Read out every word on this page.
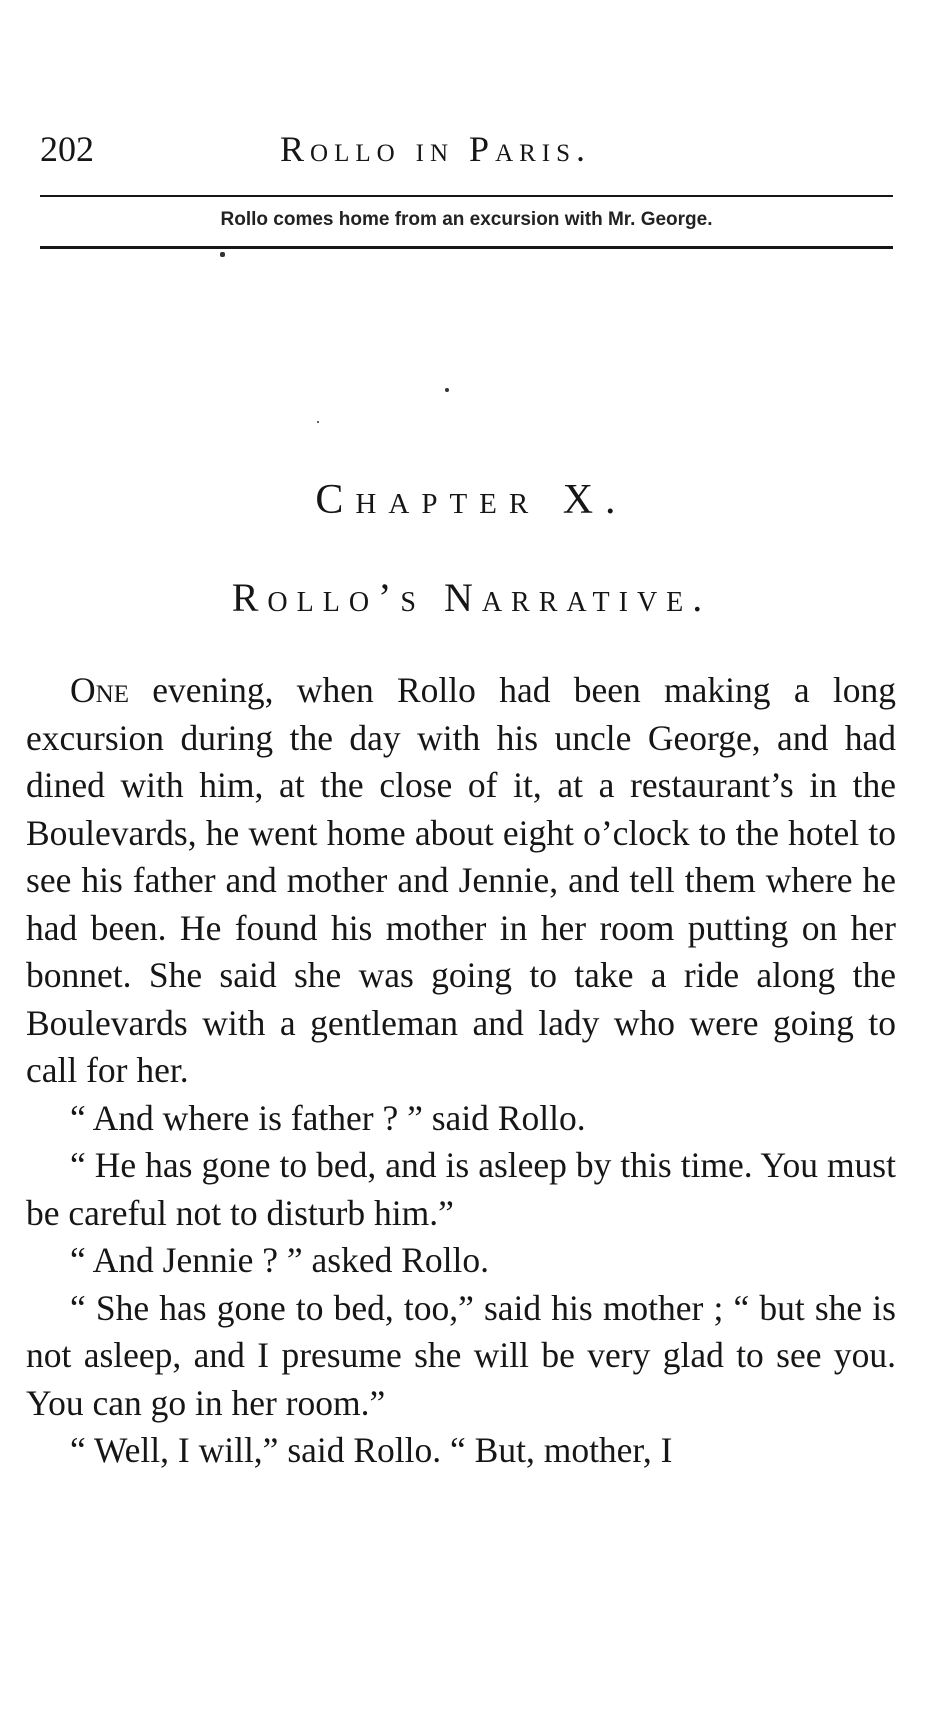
202	Rollo in Paris.
Rollo comes home from an excursion with Mr. George.
Chapter X.
Rollo’s Narrative.

One evening, when Rollo had been making a long excursion during the day with his uncle George, and had dined with him, at the close of it, at a restaurant’s in the Boulevards, he went home about eight o’clock to the hotel to see his father and mother and Jennie, and tell them where he had been. He found his mother in her room putting on her bonnet. She said she was going to take a ride along the Boulevards with a gentleman and lady who were going to call for her.

“ And where is father ? ” said Rollo.

“ He has gone to bed, and is asleep by this time. You must be careful not to disturb him.”

“ And Jennie ? ” asked Rollo.

“ She has gone to bed, too,” said his mother ; “ but she is not asleep, and I presume she will be very glad to see you. You can go in her room.”

“ Well, I will,” said Rollo. “ But, mother, I
